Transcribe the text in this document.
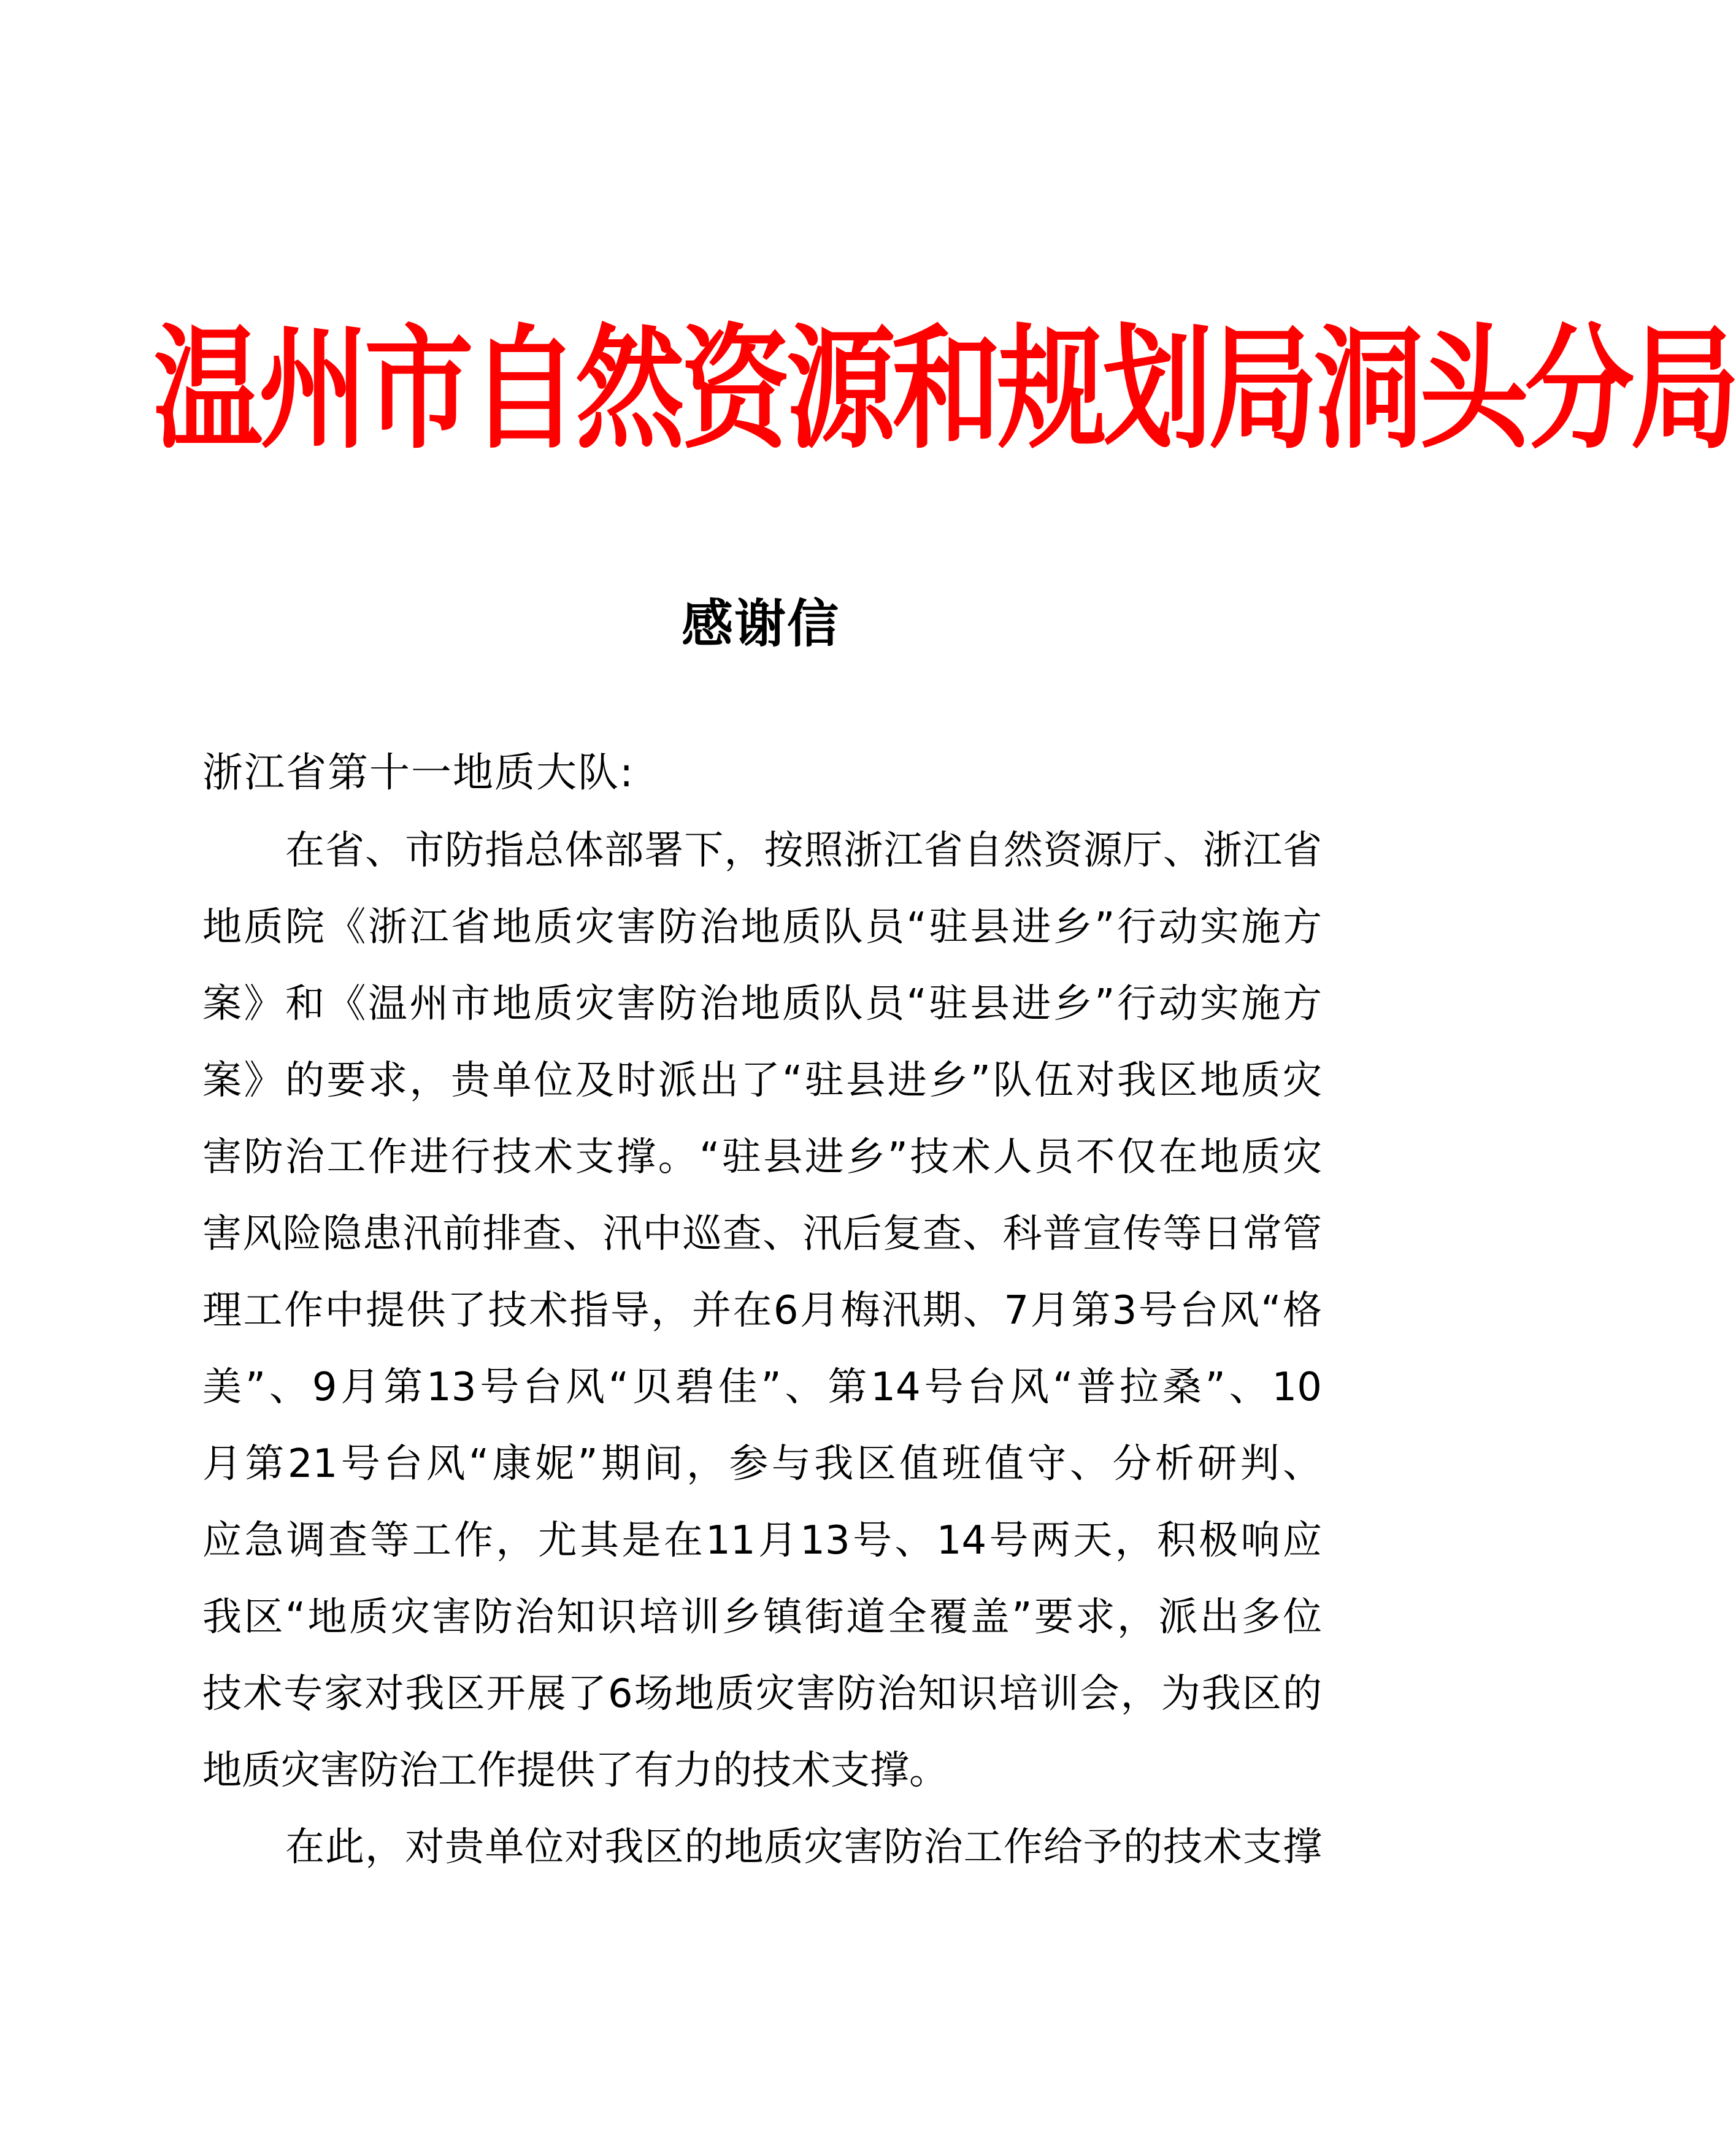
温州市自然资源和规划局洞头分局
感谢信
浙江省第十一地质大队:
在省、市防指总体部署下，按照浙江省自然资源厅、浙江省
地质院《浙江省地质灾害防治地质队员“驻县进乡”行动实施方
案》和《温州市地质灾害防治地质队员“驻县进乡”行动实施方
案》的要求，贵单位及时派出了“驻县进乡”队伍对我区地质灾
害防治工作进行技术支撑。“驻县进乡”技术人员不仅在地质灾
害风险隐患汛前排查、汛中巡查、汛后复查、科普宣传等日常管
理工作中提供了技术指导，并在6月梅汛期、7月第3号台风“格
美”、9月第13号台风“贝碧佳”、第14号台风“普拉桑”、10
月第21号台风“康妮”期间，参与我区值班值守、分析研判、
应急调查等工作，尤其是在11月13号、14号两天，积极响应
我区“地质灾害防治知识培训乡镇街道全覆盖”要求，派出多位
技术专家对我区开展了6场地质灾害防治知识培训会，为我区的
地质灾害防治工作提供了有力的技术支撑。
在此，对贵单位对我区的地质灾害防治工作给予的技术支撑
